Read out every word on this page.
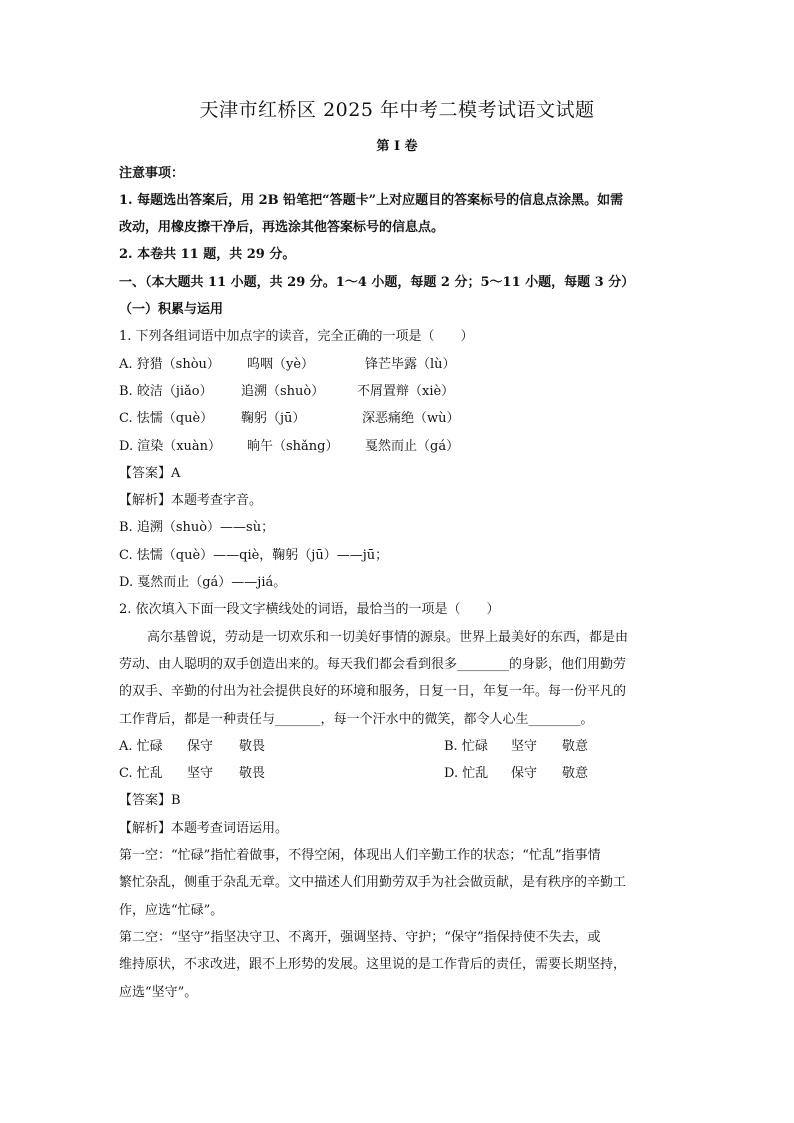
天津市红桥区 2025 年中考二模考试语文试题
第 I 卷
注意事项：
1. 每题选出答案后，用 2B 铅笔把“答题卡”上对应题目的答案标号的信息点涂黑。如需
改动，用橡皮擦干净后，再选涂其他答案标号的信息点。
2. 本卷共 11 题，共 29 分。
一、（本大题共 11 小题，共 29 分。1～4 小题，每题 2 分；5～11 小题，每题 3 分）
（一）积累与运用
1. 下列各组词语中加点字的读音，完全正确的一项是（　　）
A. 狩猎（shòu） 呜咽（yè）	锋芒毕露（lù）
B. 皎洁（jiǎo） 追溯（shuò）	不屑置辩（xiè）
C. 怯懦（què） 鞠躬（jū）	深恶痛绝（wù）
D. 渲染（xuàn） 晌午（shǎng） 戛然而止（gá）
【答案】A
【解析】本题考查字音。
B. 追溯（shuò）——sù；
C. 怯懦（què）——qiè，鞠躬（jū）——jū；
D. 戛然而止（gá）——jiá。
2. 依次填入下面一段文字横线处的词语，最恰当的一项是（　　）
高尔基曾说，劳动是一切欢乐和一切美好事情的源泉。世界上最美好的东西，都是由
劳动、由人聪明的双手创造出来的。每天我们都会看到很多________的身影，他们用勤劳
的双手、辛勤的付出为社会提供良好的环境和服务，日复一日，年复一年。每一份平凡的
工作背后，都是一种责任与_______，每一个汗水中的微笑，都令人心生________。
A. 忙碌 保守 敬畏	B. 忙碌 坚守 敬意
C. 忙乱 坚守 敬畏	D. 忙乱 保守 敬意
【答案】B
【解析】本题考查词语运用。
第一空：“忙碌”指忙着做事，不得空闲，体现出人们辛勤工作的状态；“忙乱”指事情
繁忙杂乱，侧重于杂乱无章。文中描述人们用勤劳双手为社会做贡献，是有秩序的辛勤工
作，应选“忙碌”。
第二空：“坚守”指坚决守卫、不离开，强调坚持、守护；“保守”指保持使不失去，或
维持原状，不求改进，跟不上形势的发展。这里说的是工作背后的责任，需要长期坚持，
应选“坚守”。
